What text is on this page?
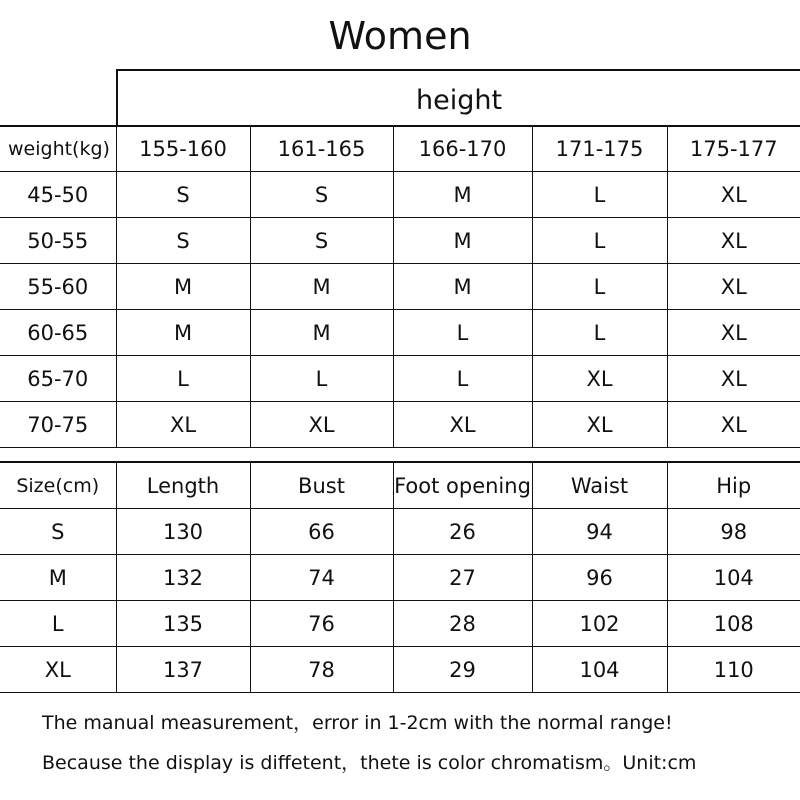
Women
height
weight(kg)	155-160	161-165	166-170	171-175	175-177
45-50	S	S	M	L	XL
50-55	S	S	M	L	XL
55-60	M	M	M	L	XL
60-65	M	M	L	L	XL
65-70	L	L	L	XL	XL
70-75	XL	XL	XL	XL	XL
Size(cm)	Length	Bust	Foot opening	Waist	Hip
S	130	66	26	94	98
M	132	74	27	96	104
L	135	76	28	102	108
XL	137	78	29	104	110
The manual measurement，error in 1-2cm with the normal range!
Because the display is diffetent，thete is color chromatism。Unit:cm
